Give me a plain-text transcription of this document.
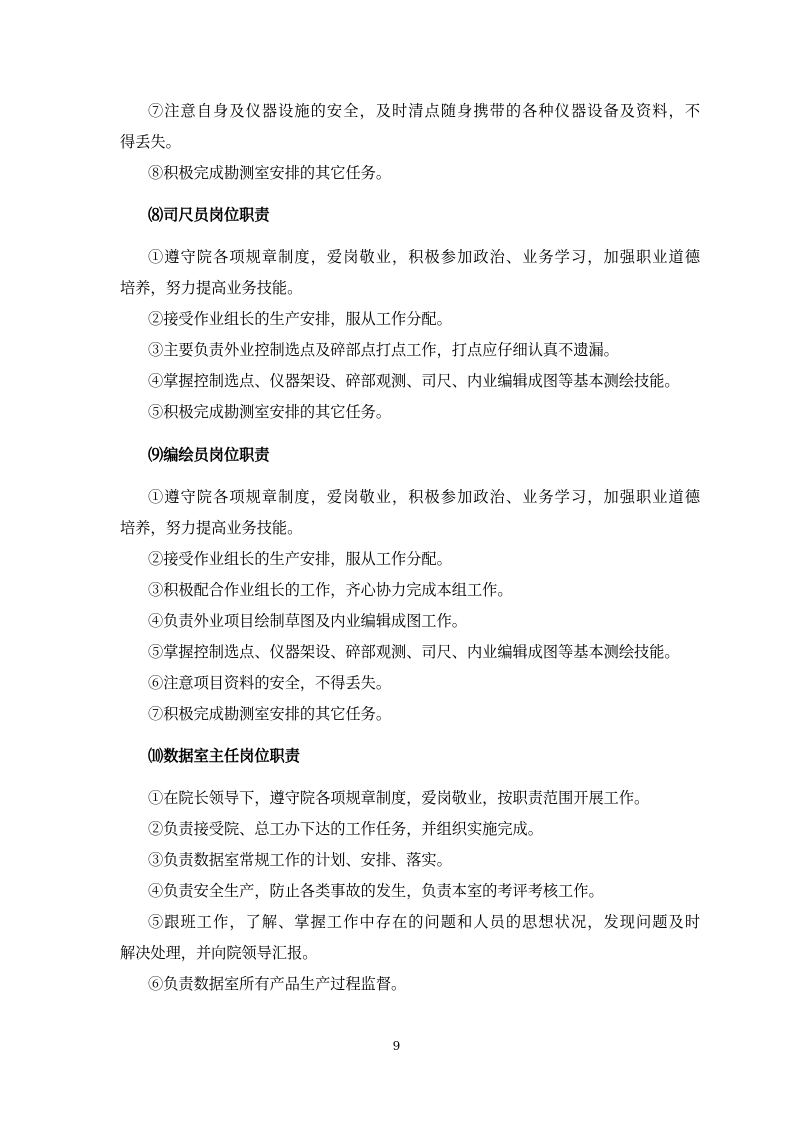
⑦注意自身及仪器设施的安全，及时清点随身携带的各种仪器设备及资料，不
得丢失。
⑧积极完成勘测室安排的其它任务。
⑻司尺员岗位职责
①遵守院各项规章制度，爱岗敬业，积极参加政治、业务学习，加强职业道德
培养，努力提高业务技能。
②接受作业组长的生产安排，服从工作分配。
③主要负责外业控制选点及碎部点打点工作，打点应仔细认真不遗漏。
④掌握控制选点、仪器架设、碎部观测、司尺、内业编辑成图等基本测绘技能。
⑤积极完成勘测室安排的其它任务。
⑼编绘员岗位职责
①遵守院各项规章制度，爱岗敬业，积极参加政治、业务学习，加强职业道德
培养，努力提高业务技能。
②接受作业组长的生产安排，服从工作分配。
③积极配合作业组长的工作，齐心协力完成本组工作。
④负责外业项目绘制草图及内业编辑成图工作。
⑤掌握控制选点、仪器架设、碎部观测、司尺、内业编辑成图等基本测绘技能。
⑥注意项目资料的安全，不得丢失。
⑦积极完成勘测室安排的其它任务。
⑽数据室主任岗位职责
①在院长领导下，遵守院各项规章制度，爱岗敬业，按职责范围开展工作。
②负责接受院、总工办下达的工作任务，并组织实施完成。
③负责数据室常规工作的计划、安排、落实。
④负责安全生产，防止各类事故的发生，负责本室的考评考核工作。
⑤跟班工作，了解、掌握工作中存在的问题和人员的思想状况，发现问题及时
解决处理，并向院领导汇报。
⑥负责数据室所有产品生产过程监督。
9
